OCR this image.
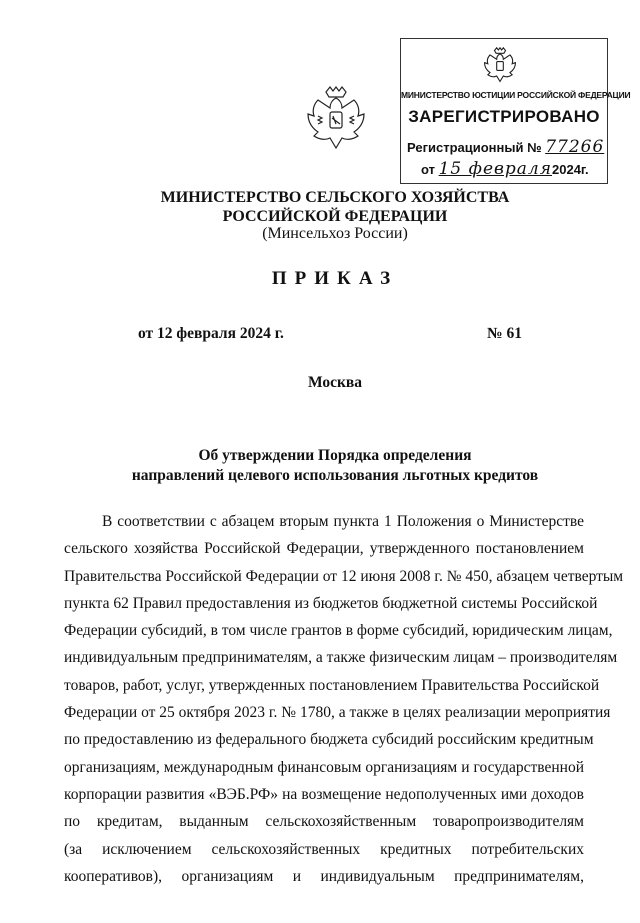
МИНИСТЕРСТВО ЮСТИЦИИ РОССИЙСКОЙ ФЕДЕРАЦИИ
ЗАРЕГИСТРИРОВАНО
Регистрационный № 77266
от 15 февраля2024г.
МИНИСТЕРСТВО СЕЛЬСКОГО ХОЗЯЙСТВА
РОССИЙСКОЙ ФЕДЕРАЦИИ
(Минсельхоз России)
ПРИКАЗ
от 12 февраля 2024 г.	№ 61
Москва
Об утверждении Порядка определения
направлений целевого использования льготных кредитов
В соответствии с абзацем вторым пункта 1 Положения о Министерстве
сельского хозяйства Российской Федерации, утвержденного постановлением
Правительства Российской Федерации от 12 июня 2008 г. № 450, абзацем четвертым
пункта 62 Правил предоставления из бюджетов бюджетной системы Российской
Федерации субсидий, в том числе грантов в форме субсидий, юридическим лицам,
индивидуальным предпринимателям, а также физическим лицам – производителям
товаров, работ, услуг, утвержденных постановлением Правительства Российской
Федерации от 25 октября 2023 г. № 1780, а также в целях реализации мероприятия
по предоставлению из федерального бюджета субсидий российским кредитным
организациям, международным финансовым организациям и государственной
корпорации развития «ВЭБ.РФ» на возмещение недополученных ими доходов
по кредитам, выданным сельскохозяйственным товаропроизводителям
(за исключением сельскохозяйственных кредитных потребительских
кооперативов), организациям и индивидуальным предпринимателям,
